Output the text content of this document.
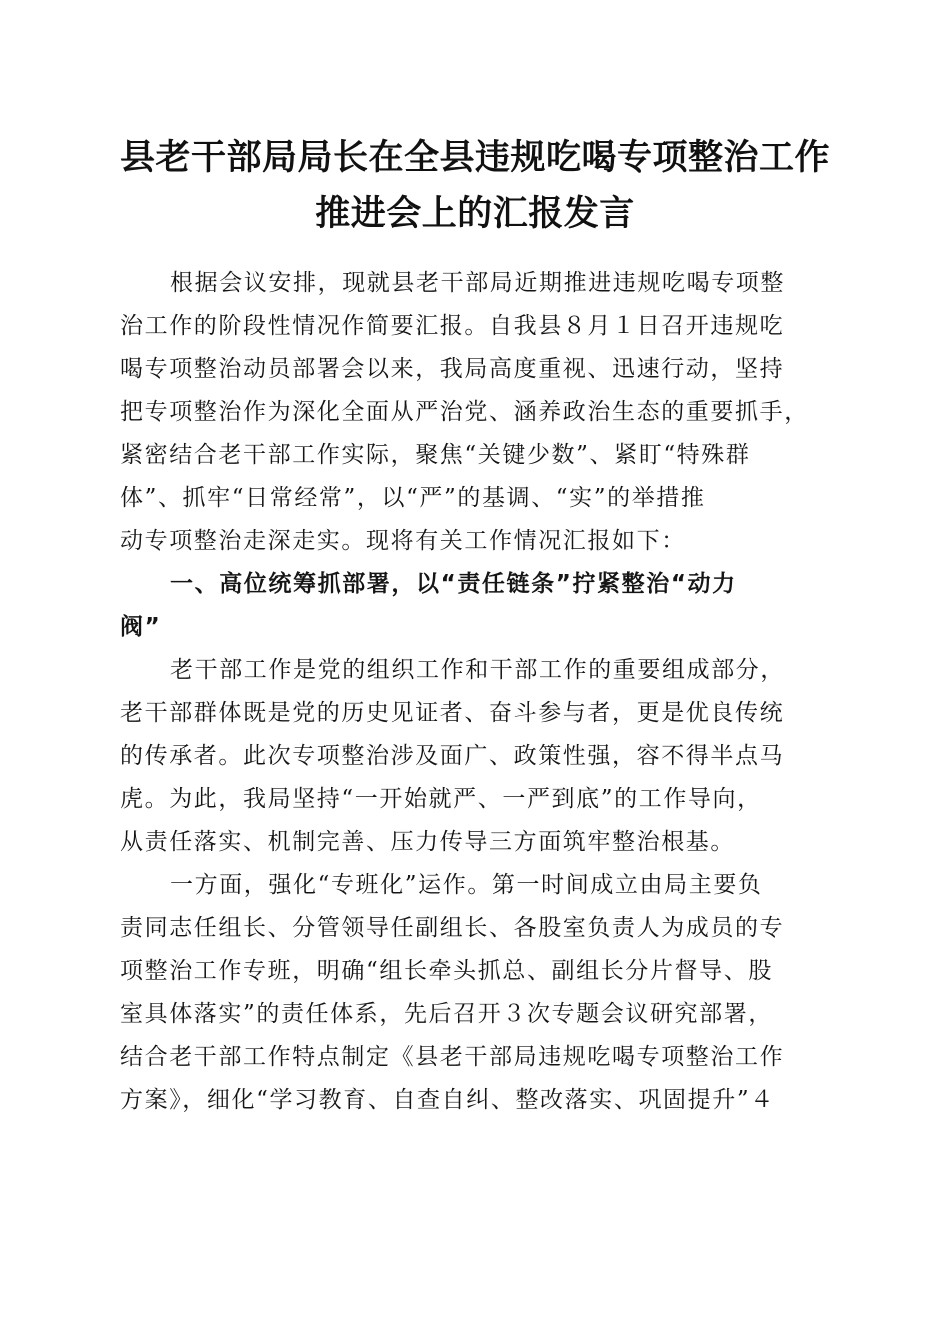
县老干部局局长在全县违规吃喝专项整治工作
推进会上的汇报发言
根据会议安排，现就县老干部局近期推进违规吃喝专项整
治工作的阶段性情况作简要汇报。自我县８月１日召开违规吃
喝专项整治动员部署会以来，我局高度重视、迅速行动，坚持
把专项整治作为深化全面从严治党、涵养政治生态的重要抓手，
紧密结合老干部工作实际，聚焦“关键少数”、紧盯“特殊群
体”、抓牢“日常经常”，以“严”的基调、“实”的举措推
动专项整治走深走实。现将有关工作情况汇报如下：
一、高位统筹抓部署，以“责任链条”拧紧整治“动力
阀”
老干部工作是党的组织工作和干部工作的重要组成部分，
老干部群体既是党的历史见证者、奋斗参与者，更是优良传统
的传承者。此次专项整治涉及面广、政策性强，容不得半点马
虎。为此，我局坚持“一开始就严、一严到底”的工作导向，
从责任落实、机制完善、压力传导三方面筑牢整治根基。
一方面，强化“专班化”运作。第一时间成立由局主要负
责同志任组长、分管领导任副组长、各股室负责人为成员的专
项整治工作专班，明确“组长牵头抓总、副组长分片督导、股
室具体落实”的责任体系，先后召开３次专题会议研究部署，
结合老干部工作特点制定《县老干部局违规吃喝专项整治工作
方案》，细化“学习教育、自查自纠、整改落实、巩固提升”４
